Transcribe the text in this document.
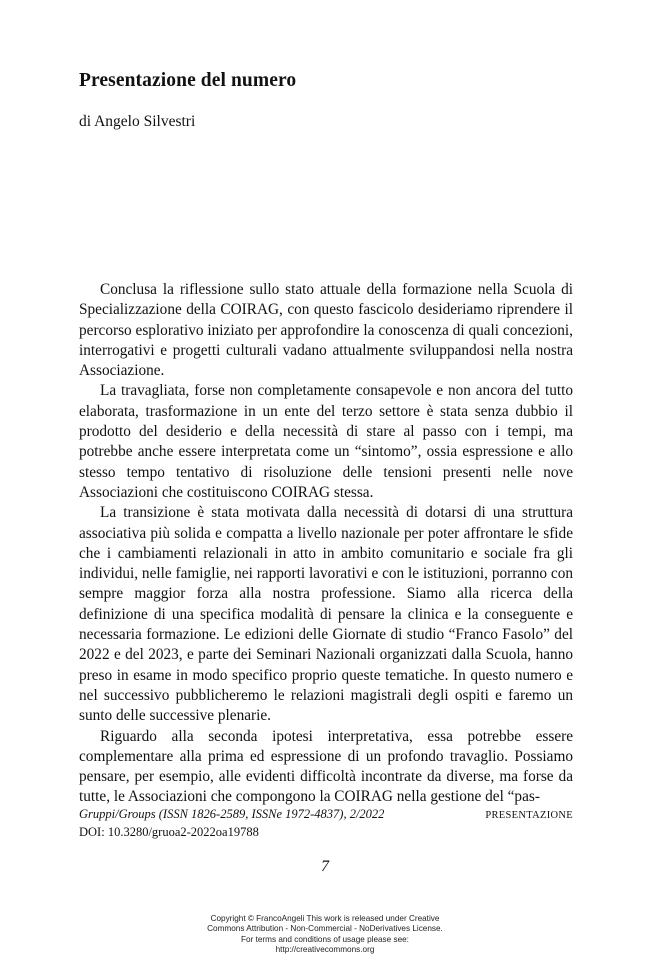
Presentazione del numero
di Angelo Silvestri

Conclusa la riflessione sullo stato attuale della formazione nella Scuola di Specializzazione della COIRAG, con questo fascicolo desideriamo riprendere il percorso esplorativo iniziato per approfondire la conoscenza di quali concezioni, interrogativi e progetti culturali vadano attualmente sviluppandosi nella nostra Associazione.

La travagliata, forse non completamente consapevole e non ancora del tutto elaborata, trasformazione in un ente del terzo settore è stata senza dubbio il prodotto del desiderio e della necessità di stare al passo con i tempi, ma potrebbe anche essere interpretata come un “sintomo”, ossia espressione e allo stesso tempo tentativo di risoluzione delle tensioni presenti nelle nove Associazioni che costituiscono COIRAG stessa.

La transizione è stata motivata dalla necessità di dotarsi di una struttura associativa più solida e compatta a livello nazionale per poter affrontare le sfide che i cambiamenti relazionali in atto in ambito comunitario e sociale fra gli individui, nelle famiglie, nei rapporti lavorativi e con le istituzioni, porranno con sempre maggior forza alla nostra professione. Siamo alla ricerca della definizione di una specifica modalità di pensare la clinica e la conseguente e necessaria formazione. Le edizioni delle Giornate di studio “Franco Fasolo” del 2022 e del 2023, e parte dei Seminari Nazionali organizzati dalla Scuola, hanno preso in esame in modo specifico proprio queste tematiche. In questo numero e nel successivo pubblicheremo le relazioni magistrali degli ospiti e faremo un sunto delle successive plenarie.

Riguardo alla seconda ipotesi interpretativa, essa potrebbe essere complementare alla prima ed espressione di un profondo travaglio. Possiamo pensare, per esempio, alle evidenti difficoltà incontrate da diverse, ma forse da tutte, le Associazioni che compongono la COIRAG nella gestione del “pas-

Gruppi/Groups (ISSN 1826-2589, ISSNe 1972-4837), 2/2022	PRESENTAZIONE
DOI: 10.3280/gruoa2-2022oa19788
7
Copyright © FrancoAngeli This work is released under Creative
Commons Attribution - Non-Commercial - NoDerivatives License.
For terms and conditions of usage please see:
http://creativecommons.org
